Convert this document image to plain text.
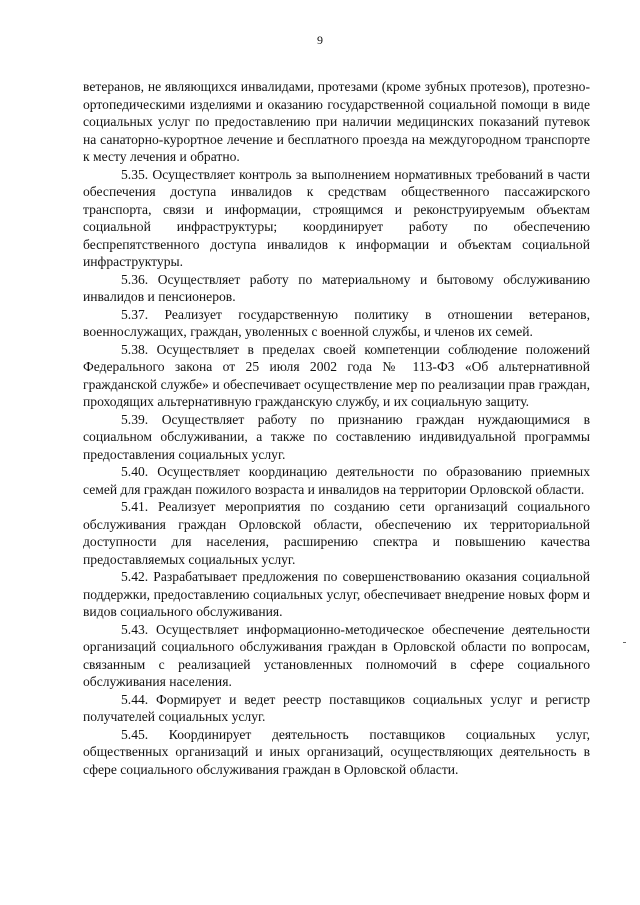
9

ветеранов, не являющихся инвалидами, протезами (кроме зубных протезов), протезно-ортопедическими изделиями и оказанию государственной социальной помощи в виде социальных услуг по предоставлению при наличии медицинских показаний путевок на санаторно-курортное лечение и бесплатного проезда на междугородном транспорте к месту лечения и обратно.

5.35. Осуществляет контроль за выполнением нормативных требований в части обеспечения доступа инвалидов к средствам общественного пассажирского транспорта, связи и информации, строящимся и реконструируемым объектам социальной инфраструктуры; координирует работу по обеспечению беспрепятственного доступа инвалидов к информации и объектам социальной инфраструктуры.

5.36. Осуществляет работу по материальному и бытовому обслуживанию инвалидов и пенсионеров.

5.37. Реализует государственную политику в отношении ветеранов, военнослужащих, граждан, уволенных с военной службы, и членов их семей.

5.38. Осуществляет в пределах своей компетенции соблюдение положений Федерального закона от 25 июля 2002 года № 113-ФЗ «Об альтернативной гражданской службе» и обеспечивает осуществление мер по реализации прав граждан, проходящих альтернативную гражданскую службу, и их социальную защиту.

5.39. Осуществляет работу по признанию граждан нуждающимися в социальном обслуживании, а также по составлению индивидуальной программы предоставления социальных услуг.

5.40. Осуществляет координацию деятельности по образованию приемных семей для граждан пожилого возраста и инвалидов на территории Орловской области.

5.41. Реализует мероприятия по созданию сети организаций социального обслуживания граждан Орловской области, обеспечению их территориальной доступности для населения, расширению спектра и повышению качества предоставляемых социальных услуг.

5.42. Разрабатывает предложения по совершенствованию оказания социальной поддержки, предоставлению социальных услуг, обеспечивает внедрение новых форм и видов социального обслуживания.

5.43. Осуществляет информационно-методическое обеспечение деятельности организаций социального обслуживания граждан в Орловской области по вопросам, связанным с реализацией установленных полномочий в сфере социального обслуживания населения.

5.44. Формирует и ведет реестр поставщиков социальных услуг и регистр получателей социальных услуг.

5.45. Координирует деятельность поставщиков социальных услуг, общественных организаций и иных организаций, осуществляющих деятельность в сфере социального обслуживания граждан в Орловской области.
